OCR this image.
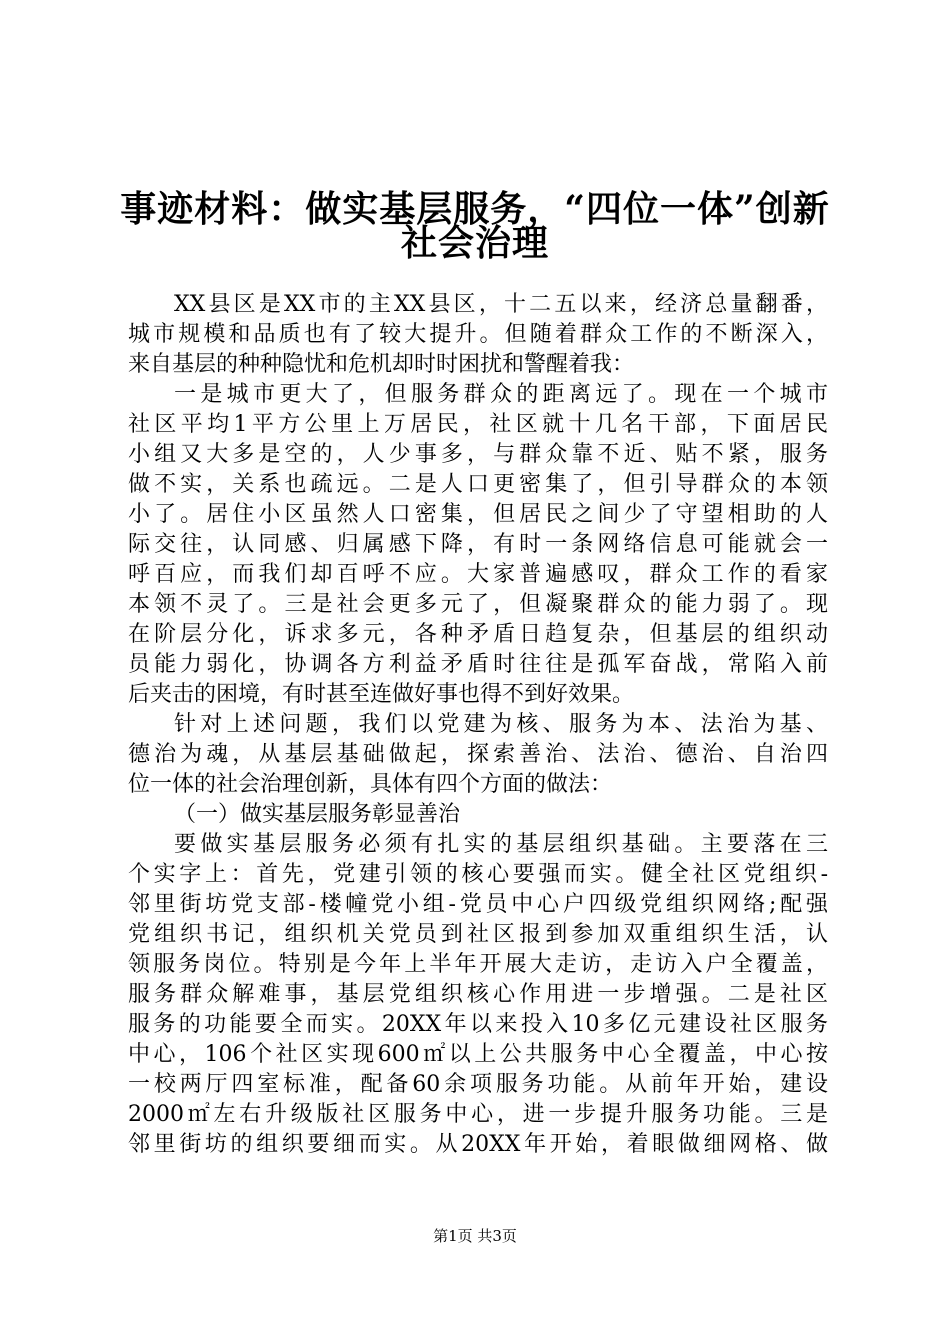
事迹材料：做实基层服务，“四位一体”创新
社会治理
XX县区是XX市的主XX县区，十二五以来，经济总量翻番，
城市规模和品质也有了较大提升。但随着群众工作的不断深入，
来自基层的种种隐忧和危机却时时困扰和警醒着我：
一是城市更大了，但服务群众的距离远了。现在一个城市
社区平均1平方公里上万居民，社区就十几名干部，下面居民
小组又大多是空的，人少事多，与群众靠不近、贴不紧，服务
做不实，关系也疏远。二是人口更密集了，但引导群众的本领
小了。居住小区虽然人口密集，但居民之间少了守望相助的人
际交往，认同感、归属感下降，有时一条网络信息可能就会一
呼百应，而我们却百呼不应。大家普遍感叹，群众工作的看家
本领不灵了。三是社会更多元了，但凝聚群众的能力弱了。现
在阶层分化，诉求多元，各种矛盾日趋复杂，但基层的组织动
员能力弱化，协调各方利益矛盾时往往是孤军奋战，常陷入前
后夹击的困境，有时甚至连做好事也得不到好效果。
针对上述问题，我们以党建为核、服务为本、法治为基、
德治为魂，从基层基础做起，探索善治、法治、德治、自治四
位一体的社会治理创新，具体有四个方面的做法：
（一）做实基层服务彰显善治
要做实基层服务必须有扎实的基层组织基础。主要落在三
个实字上：首先，党建引领的核心要强而实。健全社区党组织-
邻里街坊党支部-楼幢党小组-党员中心户四级党组织网络;配强
党组织书记，组织机关党员到社区报到参加双重组织生活，认
领服务岗位。特别是今年上半年开展大走访，走访入户全覆盖，
服务群众解难事，基层党组织核心作用进一步增强。二是社区
服务的功能要全而实。20XX年以来投入10多亿元建设社区服务
中心，106个社区实现600㎡以上公共服务中心全覆盖，中心按
一校两厅四室标准，配备60余项服务功能。从前年开始，建设
2000㎡左右升级版社区服务中心，进一步提升服务功能。三是
邻里街坊的组织要细而实。从20XX年开始，着眼做细网格、做
第1页 共3页
